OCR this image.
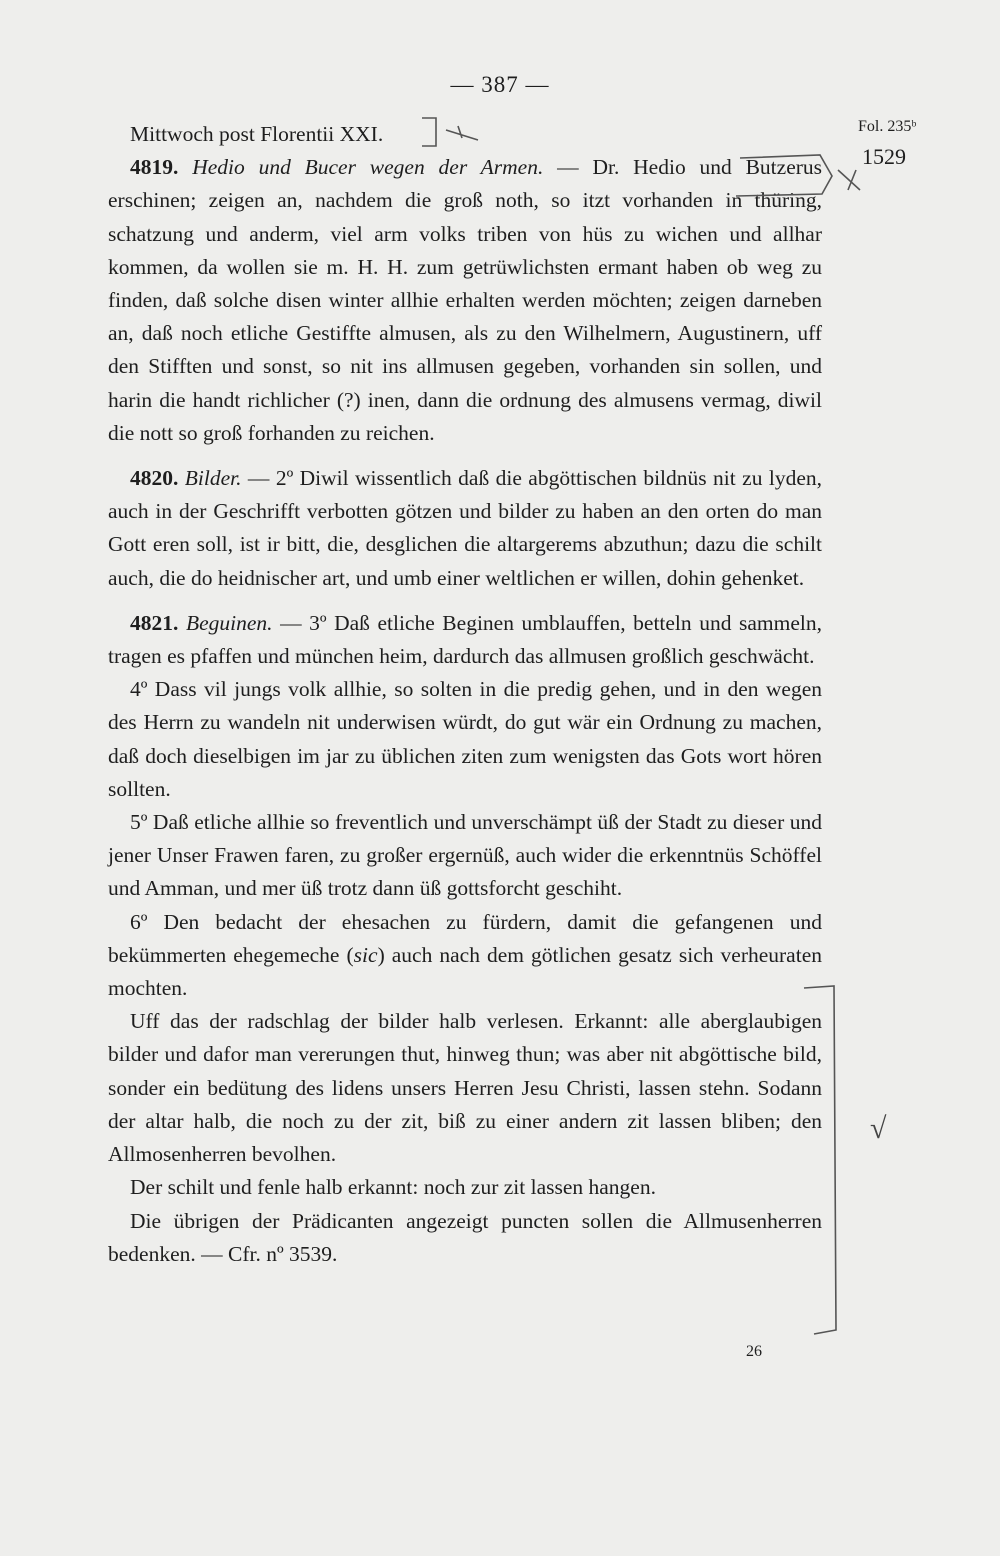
— 387 —
Fol. 235ᵇ
1529

Mittwoch post Florentii XXI.

4819. Hedio und Bucer wegen der Armen. — Dr. Hedio und Butzerus erschinen; zeigen an, nachdem die groß noth, so itzt vorhanden in thüring, schatzung und anderm, viel arm volks triben von hüs zu wichen und allhar kommen, da wollen sie m. H. H. zum getrüwlichsten ermant haben ob weg zu finden, daß solche disen winter allhie erhalten werden möchten; zeigen darneben an, daß noch etliche Gestiffte almusen, als zu den Wilhelmern, Augustinern, uff den Stifften und sonst, so nit ins allmusen gegeben, vorhanden sin sollen, und harin die handt richlicher (?) inen, dann die ordnung des almusens vermag, diwil die nott so groß forhanden zu reichen.

4820. Bilder. — 2º Diwil wissentlich daß die abgöttischen bildnüs nit zu lyden, auch in der Geschrifft verbotten götzen und bilder zu haben an den orten do man Gott eren soll, ist ir bitt, die, desglichen die altargerems abzuthun; dazu die schilt auch, die do heidnischer art, und umb einer weltlichen er willen, dohin gehenket.

4821. Beguinen. — 3º Daß etliche Beginen umblauffen, betteln und sammeln, tragen es pfaffen und münchen heim, dardurch das allmusen großlich geschwächt.

4º Dass vil jungs volk allhie, so solten in die predig gehen, und in den wegen des Herrn zu wandeln nit underwisen würdt, do gut wär ein Ordnung zu machen, daß doch dieselbigen im jar zu üblichen ziten zum wenigsten das Gots wort hören sollten.

5º Daß etliche allhie so freventlich und unverschämpt üß der Stadt zu dieser und jener Unser Frawen faren, zu großer ergernüß, auch wider die erkenntnüs Schöffel und Amman, und mer üß trotz dann üß gottsforcht geschiht.

6º Den bedacht der ehesachen zu fürdern, damit die gefangenen und bekümmerten ehegemeche (sic) auch nach dem götlichen gesatz sich verheuraten mochten.

Uff das der radschlag der bilder halb verlesen. Erkannt: alle aberglaubigen bilder und dafor man vererungen thut, hinweg thun; was aber nit abgöttische bild, sonder ein bedütung des lidens unsers Herren Jesu Christi, lassen stehn. Sodann der altar halb, die noch zu der zit, biß zu einer andern zit lassen bliben; den Allmosenherren bevolhen.

Der schilt und fenle halb erkannt: noch zur zit lassen hangen.

Die übrigen der Prädicanten angezeigt puncten sollen die Allmusenherren bedenken. — Cfr. nº 3539.

26
√
